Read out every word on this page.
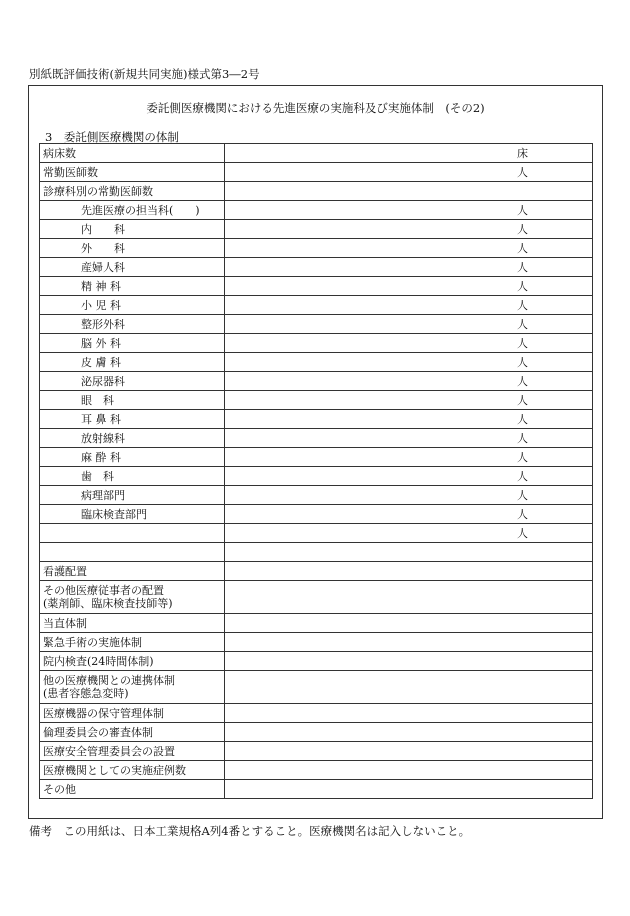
別紙既評価技術(新規共同実施)様式第3―2号
委託側医療機関における先進医療の実施科及び実施体制　(その2)
3　委託側医療機関の体制
病床数	床
常勤医師数	人
診療科別の常勤医師数	
先進医療の担当科(　　)	人
内　　科	人
外　　科	人
産婦人科	人
精 神 科	人
小 児 科	人
整形外科	人
脳 外 科	人
皮 膚 科	人
泌尿器科	人
眼　科	人
耳 鼻 科	人
放射線科	人
麻 酔 科	人
歯　科	人
病理部門	人
臨床検査部門	人
	人

看護配置	
その他医療従事者の配置
(薬剤師、臨床検査技師等)	
当直体制	
緊急手術の実施体制	
院内検査(24時間体制)	
他の医療機関との連携体制
(患者容態急変時)	
医療機器の保守管理体制	
倫理委員会の審査体制	
医療安全管理委員会の設置	
医療機関としての実施症例数	
その他	
備考　この用紙は、日本工業規格A列4番とすること。医療機関名は記入しないこと。
